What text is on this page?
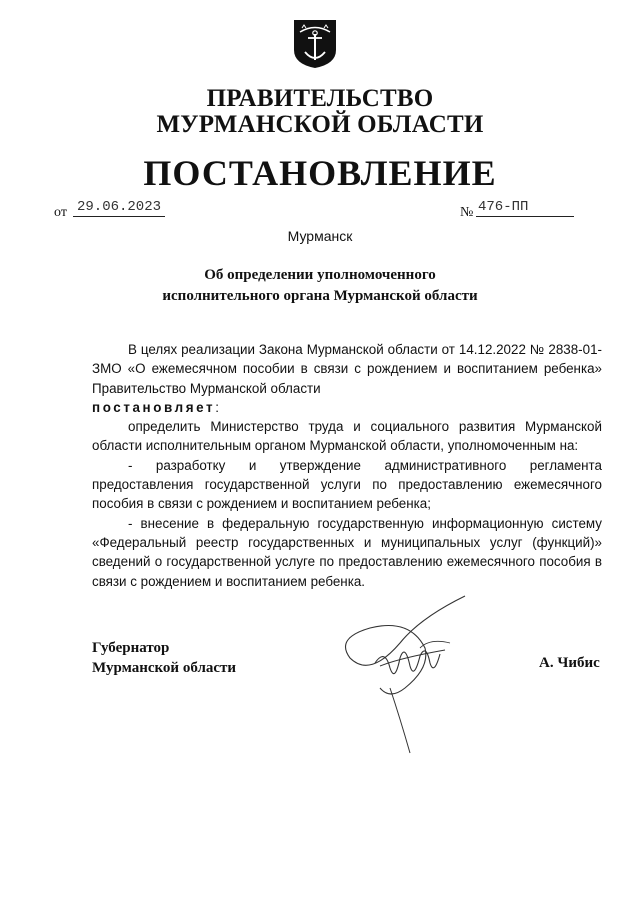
ПРАВИТЕЛЬСТВО
МУРМАНСКОЙ ОБЛАСТИ
ПОСТАНОВЛЕНИЕ
от 29.06.2023	№ 476-ПП
Мурманск
Об определении уполномоченного
исполнительного органа Мурманской области

В целях реализации Закона Мурманской области от 14.12.2022 № 2838-01-ЗМО «О ежемесячном пособии в связи с рождением и воспитанием ребенка» Правительство Мурманской области

постановляет:

определить Министерство труда и социального развития Мурманской области исполнительным органом Мурманской области, уполномоченным на:

- разработку и утверждение административного регламента предоставления государственной услуги по предоставлению ежемесячного пособия в связи с рождением и воспитанием ребенка;

- внесение в федеральную государственную информационную систему «Федеральный реестр государственных и муниципальных услуг (функций)» сведений о государственной услуге по предоставлению ежемесячного пособия в связи с рождением и воспитанием ребенка.

Губернатор
Мурманской области	А. Чибис
